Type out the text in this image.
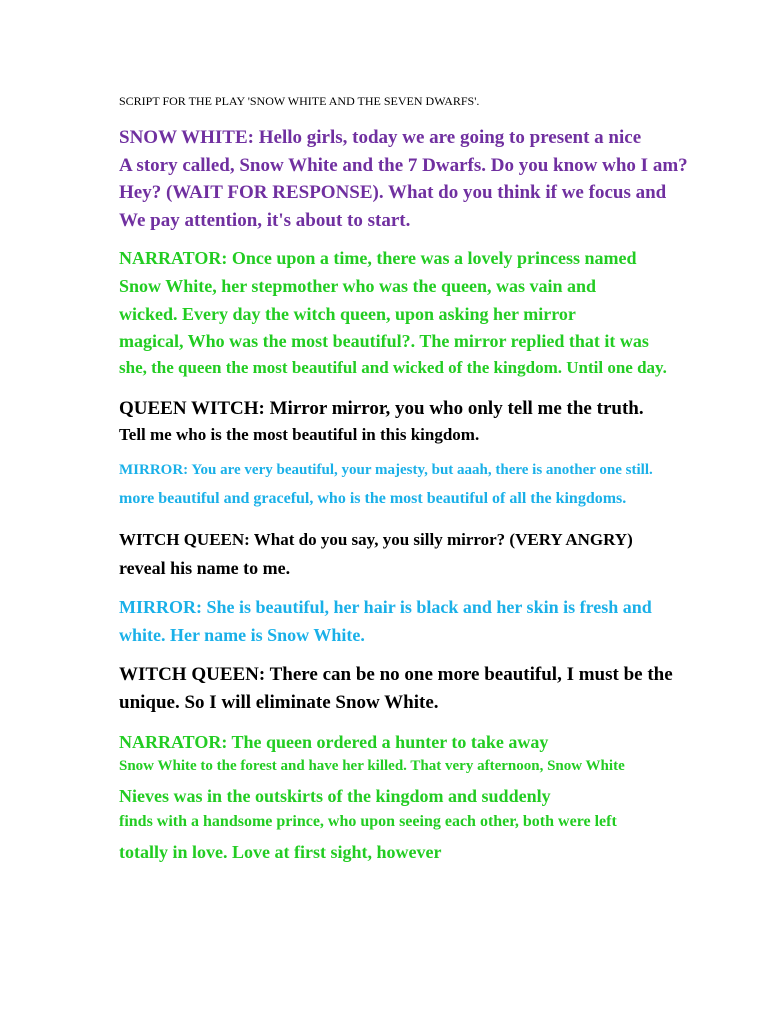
SCRIPT FOR THE PLAY 'SNOW WHITE AND THE SEVEN DWARFS'.
SNOW WHITE: Hello girls, today we are going to present a nice
A story called, Snow White and the 7 Dwarfs. Do you know who I am?
Hey? (WAIT FOR RESPONSE). What do you think if we focus and
We pay attention, it's about to start.
NARRATOR: Once upon a time, there was a lovely princess named
Snow White, her stepmother who was the queen, was vain and
wicked. Every day the witch queen, upon asking her mirror
magical, Who was the most beautiful?. The mirror replied that it was
she, the queen the most beautiful and wicked of the kingdom. Until one day.
QUEEN WITCH: Mirror mirror, you who only tell me the truth.
Tell me who is the most beautiful in this kingdom.
MIRROR: You are very beautiful, your majesty, but aaah, there is another one still.
more beautiful and graceful, who is the most beautiful of all the kingdoms.
WITCH QUEEN: What do you say, you silly mirror? (VERY ANGRY)
reveal his name to me.
MIRROR: She is beautiful, her hair is black and her skin is fresh and
white. Her name is Snow White.
WITCH QUEEN: There can be no one more beautiful, I must be the
unique. So I will eliminate Snow White.
NARRATOR: The queen ordered a hunter to take away
Snow White to the forest and have her killed. That very afternoon, Snow White
Nieves was in the outskirts of the kingdom and suddenly
finds with a handsome prince, who upon seeing each other, both were left
totally in love. Love at first sight, however
